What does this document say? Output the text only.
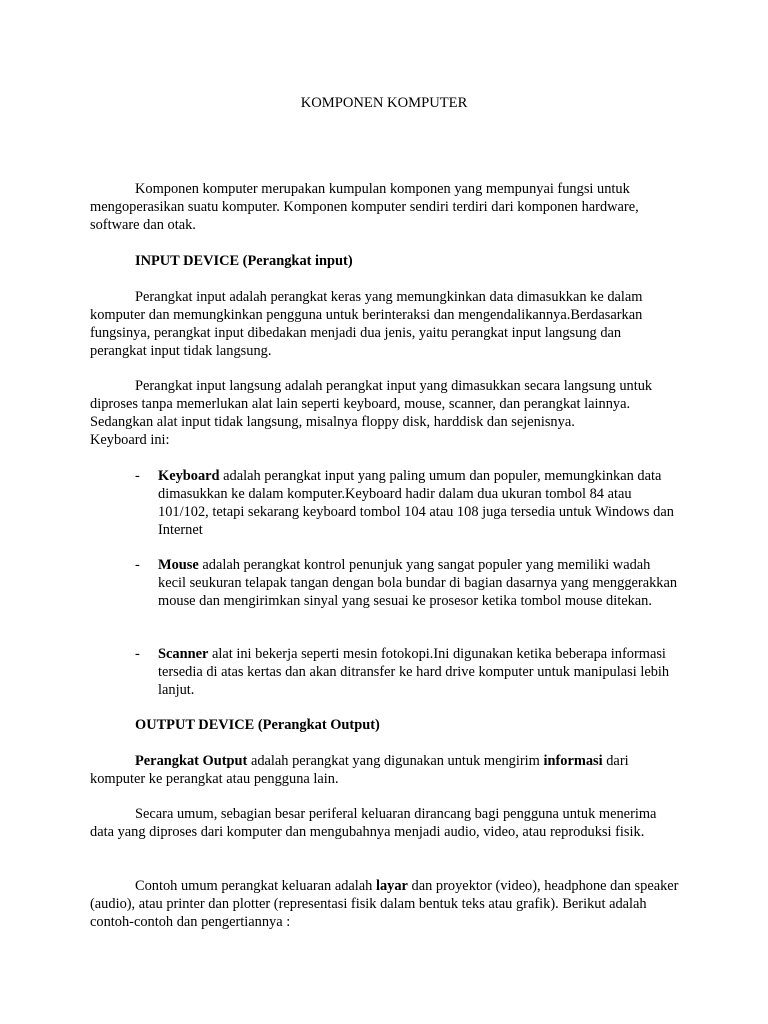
KOMPONEN KOMPUTER

Komponen komputer merupakan kumpulan komponen yang mempunyai fungsi untuk mengoperasikan suatu komputer. Komponen komputer sendiri terdiri dari komponen hardware, software dan otak.

INPUT DEVICE (Perangkat input)

Perangkat input adalah perangkat keras yang memungkinkan data dimasukkan ke dalam komputer dan memungkinkan pengguna untuk berinteraksi dan mengendalikannya.Berdasarkan fungsinya, perangkat input dibedakan menjadi dua jenis, yaitu perangkat input langsung dan perangkat input tidak langsung.

Perangkat input langsung adalah perangkat input yang dimasukkan secara langsung untuk diproses tanpa memerlukan alat lain seperti keyboard, mouse, scanner, dan perangkat lainnya. Sedangkan alat input tidak langsung, misalnya floppy disk, harddisk dan sejenisnya.

Keyboard ini:

- Keyboard adalah perangkat input yang paling umum dan populer, memungkinkan data dimasukkan ke dalam komputer.Keyboard hadir dalam dua ukuran tombol 84 atau 101/102, tetapi sekarang keyboard tombol 104 atau 108 juga tersedia untuk Windows dan Internet

- Mouse adalah perangkat kontrol penunjuk yang sangat populer yang memiliki wadah kecil seukuran telapak tangan dengan bola bundar di bagian dasarnya yang menggerakkan mouse dan mengirimkan sinyal yang sesuai ke prosesor ketika tombol mouse ditekan.

- Scanner alat ini bekerja seperti mesin fotokopi.Ini digunakan ketika beberapa informasi tersedia di atas kertas dan akan ditransfer ke hard drive komputer untuk manipulasi lebih lanjut.

OUTPUT DEVICE (Perangkat Output)

Perangkat Output adalah perangkat yang digunakan untuk mengirim informasi dari komputer ke perangkat atau pengguna lain.

Secara umum, sebagian besar periferal keluaran dirancang bagi pengguna untuk menerima data yang diproses dari komputer dan mengubahnya menjadi audio, video, atau reproduksi fisik.

Contoh umum perangkat keluaran adalah layar dan proyektor (video), headphone dan speaker (audio), atau printer dan plotter (representasi fisik dalam bentuk teks atau grafik). Berikut adalah contoh-contoh dan pengertiannya :
